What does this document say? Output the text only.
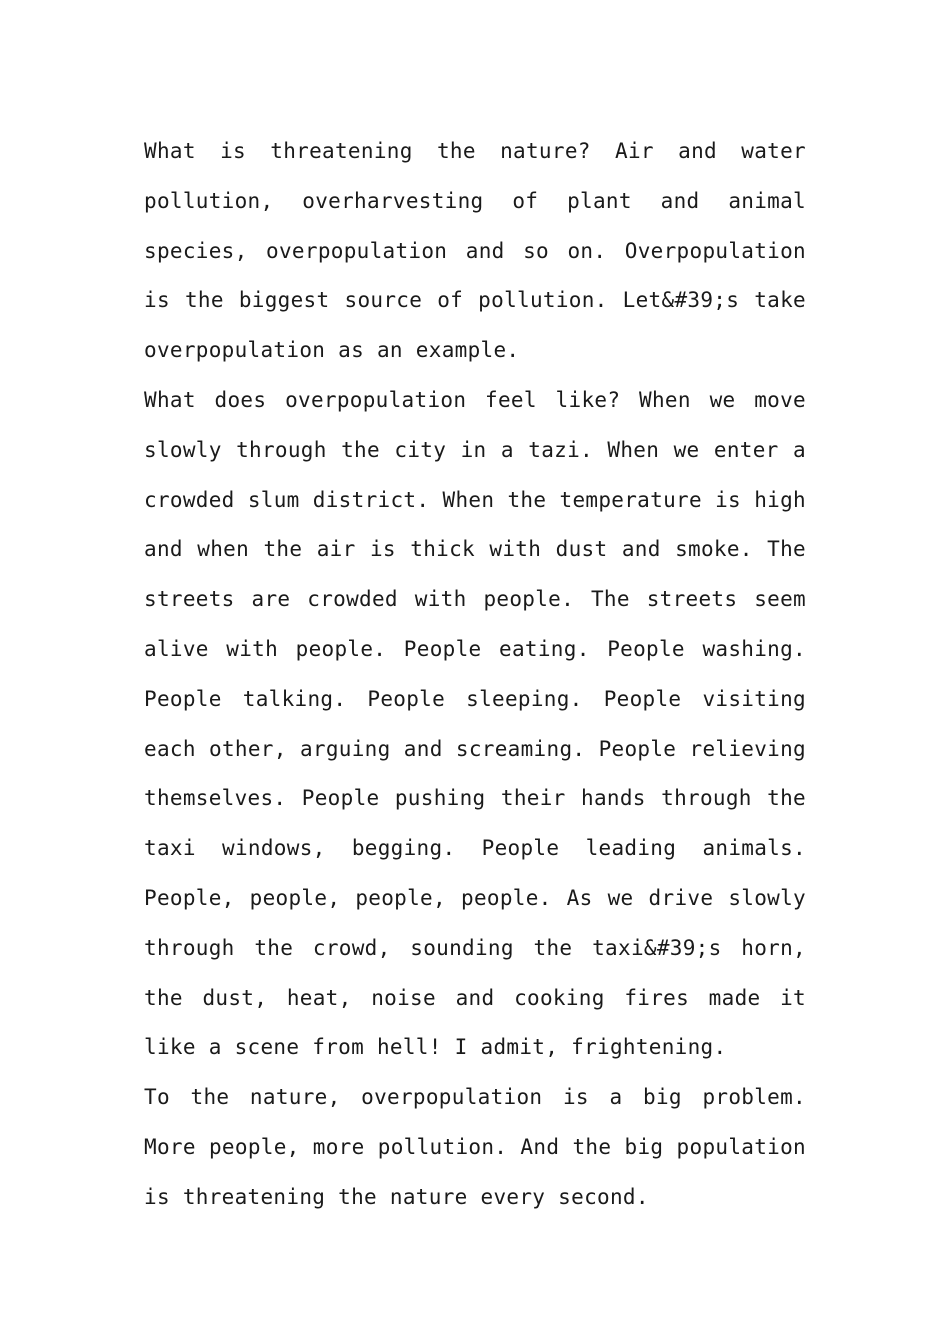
What is threatening the nature? Air and water pollution, overharvesting of plant and animal species, overpopulation and so on. Overpopulation is the biggest source of pollution. Let&#39;s take overpopulation as an example.

What does overpopulation feel like? When we move slowly through the city in a tazi. When we enter a crowded slum district. When the temperature is high and when the air is thick with dust and smoke. The streets are crowded with people. The streets seem alive with people. People eating. People washing. People talking. People sleeping. People visiting each other, arguing and screaming. People relieving themselves. People pushing their hands through the taxi windows, begging. People leading animals. People, people, people, people. As we drive slowly through the crowd, sounding the taxi&#39;s horn, the dust, heat, noise and cooking fires made it like a scene from hell! I admit, frightening.

To the nature, overpopulation is a big problem. More people, more pollution. And the big population is threatening the nature every second.
